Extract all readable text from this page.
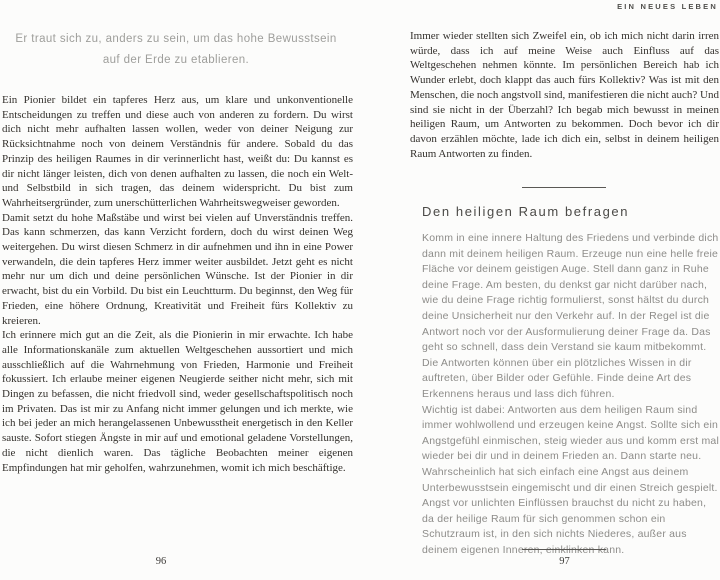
Er traut sich zu, anders zu sein, um das hohe Bewusstsein auf der Erde zu etablieren.

Ein Pionier bildet ein tapferes Herz aus, um klare und unkonventionelle Entscheidungen zu treffen und diese auch von anderen zu fordern. Du wirst dich nicht mehr aufhalten lassen wollen, weder von deiner Neigung zur Rücksichtnahme noch von deinem Verständnis für andere. Sobald du das Prinzip des heiligen Raumes in dir verinnerlicht hast, weißt du: Du kannst es dir nicht länger leisten, dich von denen aufhalten zu lassen, die noch ein Welt- und Selbstbild in sich tragen, das deinem widerspricht. Du bist zum Wahrheitsergründer, zum unerschütterlichen Wahrheitswegweiser geworden.

Damit setzt du hohe Maßstäbe und wirst bei vielen auf Unverständnis treffen. Das kann schmerzen, das kann Verzicht fordern, doch du wirst deinen Weg weitergehen. Du wirst diesen Schmerz in dir aufnehmen und ihn in eine Power verwandeln, die dein tapferes Herz immer weiter ausbildet. Jetzt geht es nicht mehr nur um dich und deine persönlichen Wünsche. Ist der Pionier in dir erwacht, bist du ein Vorbild. Du bist ein Leuchtturm. Du beginnst, den Weg für Frieden, eine höhere Ordnung, Kreativität und Freiheit fürs Kollektiv zu kreieren.

Ich erinnere mich gut an die Zeit, als die Pionierin in mir erwachte. Ich habe alle Informationskanäle zum aktuellen Weltgeschehen aussortiert und mich ausschließlich auf die Wahrnehmung von Frieden, Harmonie und Freiheit fokussiert. Ich erlaube meiner eigenen Neugierde seither nicht mehr, sich mit Dingen zu befassen, die nicht friedvoll sind, weder gesellschaftspolitisch noch im Privaten. Das ist mir zu Anfang nicht immer gelungen und ich merkte, wie ich bei jeder an mich herangelassenen Unbewusstheit energetisch in den Keller sauste. Sofort stiegen Ängste in mir auf und emotional geladene Vorstellungen, die nicht dienlich waren. Das tägliche Beobachten meiner eigenen Empfindungen hat mir geholfen, wahrzunehmen, womit ich mich beschäftige.

96
EIN NEUES LEBEN

Immer wieder stellten sich Zweifel ein, ob ich mich nicht darin irren würde, dass ich auf meine Weise auch Einfluss auf das Weltgeschehen nehmen könnte. Im persönlichen Bereich hab ich Wunder erlebt, doch klappt das auch fürs Kollektiv? Was ist mit den Menschen, die noch angstvoll sind, manifestieren die nicht auch? Und sind sie nicht in der Überzahl? Ich begab mich bewusst in meinen heiligen Raum, um Antworten zu bekommen. Doch bevor ich dir davon erzählen möchte, lade ich dich ein, selbst in deinem heiligen Raum Antworten zu finden.

Den heiligen Raum befragen

Komm in eine innere Haltung des Friedens und verbinde dich dann mit deinem heiligen Raum. Erzeuge nun eine helle freie Fläche vor deinem geistigen Auge. Stell dann ganz in Ruhe deine Frage. Am besten, du denkst gar nicht darüber nach, wie du deine Frage richtig formulierst, sonst hältst du durch deine Unsicherheit nur den Verkehr auf. In der Regel ist die Antwort noch vor der Ausformulierung deiner Frage da. Das geht so schnell, dass dein Verstand sie kaum mitbekommt. Die Antworten können über ein plötzliches Wissen in dir auftreten, über Bilder oder Gefühle. Finde deine Art des Erkennens heraus und lass dich führen.

Wichtig ist dabei: Antworten aus dem heiligen Raum sind immer wohlwollend und erzeugen keine Angst. Sollte sich ein Angstgefühl einmischen, steig wieder aus und komm erst mal wieder bei dir und in deinem Frieden an. Dann starte neu. Wahrscheinlich hat sich einfach eine Angst aus deinem Unterbewusstsein eingemischt und dir einen Streich gespielt. Angst vor unlichten Einflüssen brauchst du nicht zu haben, da der heilige Raum für sich genommen schon ein Schutzraum ist, in den sich nichts Niederes, außer aus deinem eigenen Inneren, einklinken kann.

97
